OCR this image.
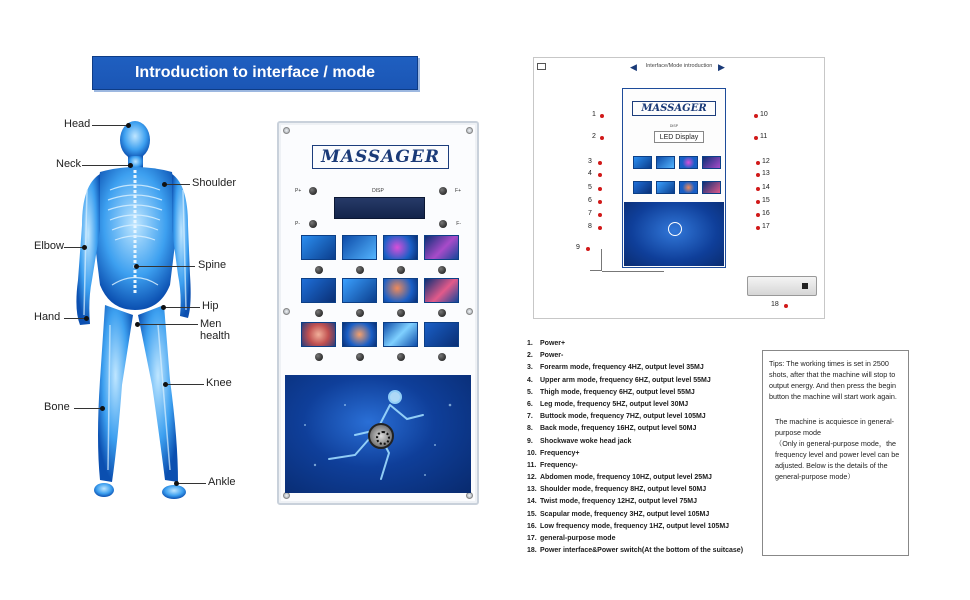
Introduction to interface / mode
Head
Neck
Shoulder
Elbow
Spine
Hip
Hand
Men health
Knee
Bone
Ankle
MASSAGER
DISP
P+	F+
P-	F-
◀	Interface/Mode introduction ▶
MASSAGER
DISP
LED Display
1
2
3
4
5
6
7
8
9
10
11
12
13
14
15
16
17
18
1. Power+
2. Power-
3. Forearm mode, frequency 4HZ, output level 35MJ
4. Upper arm mode, frequency 6HZ, output level 55MJ
5. Thigh mode, frequency 6HZ, output level 55MJ
6. Leg mode, frequency 5HZ, output level 30MJ
7. Buttock mode, frequency 7HZ, output level 105MJ
8. Back mode, frequency 16HZ, output level 50MJ
9. Shockwave woke head jack
10. Frequency+
11. Frequency-
12. Abdomen mode, frequency 10HZ, output level 25MJ
13. Shoulder mode, frequency 8HZ, output level 50MJ
14. Twist mode, frequency 12HZ, output level 75MJ
15. Scapular mode, frequency 3HZ, output level 105MJ
16. Low frequency mode, frequency 1HZ, output level 105MJ
17. general-purpose mode
18. Power interface&Power switch(At the bottom of the suitcase)

Tips: The working times is set in 2500 shots, after that the machine will stop to output energy. And then press the begin button the machine will start work again.

The machine is acquiesce in general-purpose mode

（Only in general-purpose mode，the frequency level and power level can be adjusted. Below is the details of the general-purpose mode）
